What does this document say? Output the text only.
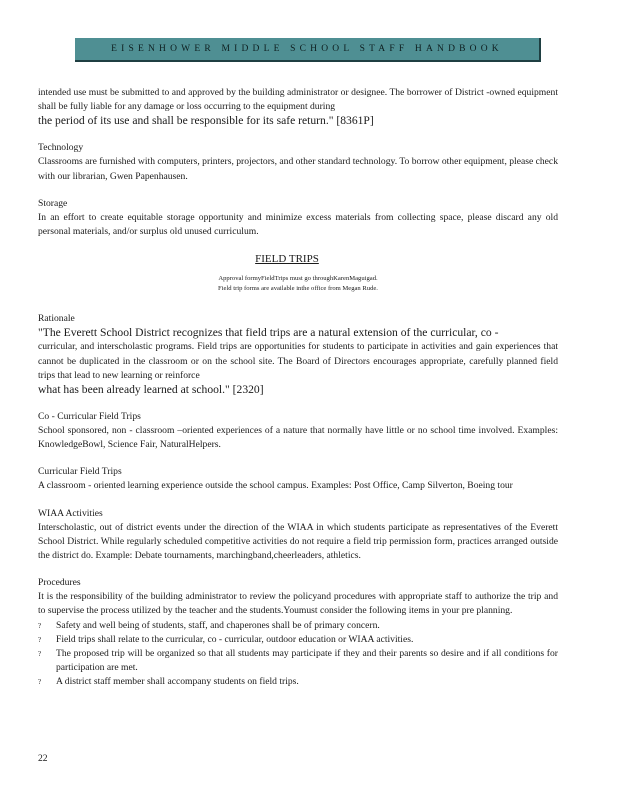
EISENHOWER MIDDLE SCHOOL STAFF HANDBOOK

intended use must be submitted to and approved by the building administrator or designee. The borrower of District -owned equipment shall be fully liable for any damage or loss occurring to the equipment during

the period of its use and shall be responsible for its safe return." [8361P]

Technology

Classrooms are furnished with computers, printers, projectors, and other standard technology. To borrow other equipment, please check with our librarian, Gwen Papenhausen.

Storage

In an effort to create equitable storage opportunity and minimize excess materials from collecting space, please discard any old personal materials, and/or surplus old unused curriculum.

FIELD TRIPS
Approval formyFieldTrips must go throughKarenMaguigad.
Field trip forms are available inthe office from Megan Rude.

Rationale

"The Everett School District recognizes that field trips are a natural extension of the curricular, co -

curricular, and interscholastic programs. Field trips are opportunities for students to participate in activities and gain experiences that cannot be duplicated in the classroom or on the school site. The Board of Directors encourages appropriate, carefully planned field trips that lead to new learning or reinforce

what has been already learned at school." [2320]

Co - Curricular Field Trips

School sponsored, non - classroom –oriented experiences of a nature that normally have little or no school time involved. Examples: KnowledgeBowl, Science Fair, NaturalHelpers.

Curricular Field Trips

A classroom - oriented learning experience outside the school campus. Examples: Post Office, Camp Silverton, Boeing tour

WIAA Activities

Interscholastic, out of district events under the direction of the WIAA in which students participate as representatives of the Everett School District. While regularly scheduled competitive activities do not require a field trip permission form, practices arranged outside the district do. Example: Debate tournaments, marchingband,cheerleaders, athletics.

Procedures

It is the responsibility of the building administrator to review the policyand procedures with appropriate staff to authorize the trip and to supervise the process utilized by the teacher and the students.Youmust consider the following items in your pre planning.

? Safety and well being of students, staff, and chaperones shall be of primary concern.
? Field trips shall relate to the curricular, co - curricular, outdoor education or WIAA activities.
? The proposed trip will be organized so that all students may participate if they and their parents so desire and if all conditions for participation are met.
? A district staff member shall accompany students on field trips.
22
